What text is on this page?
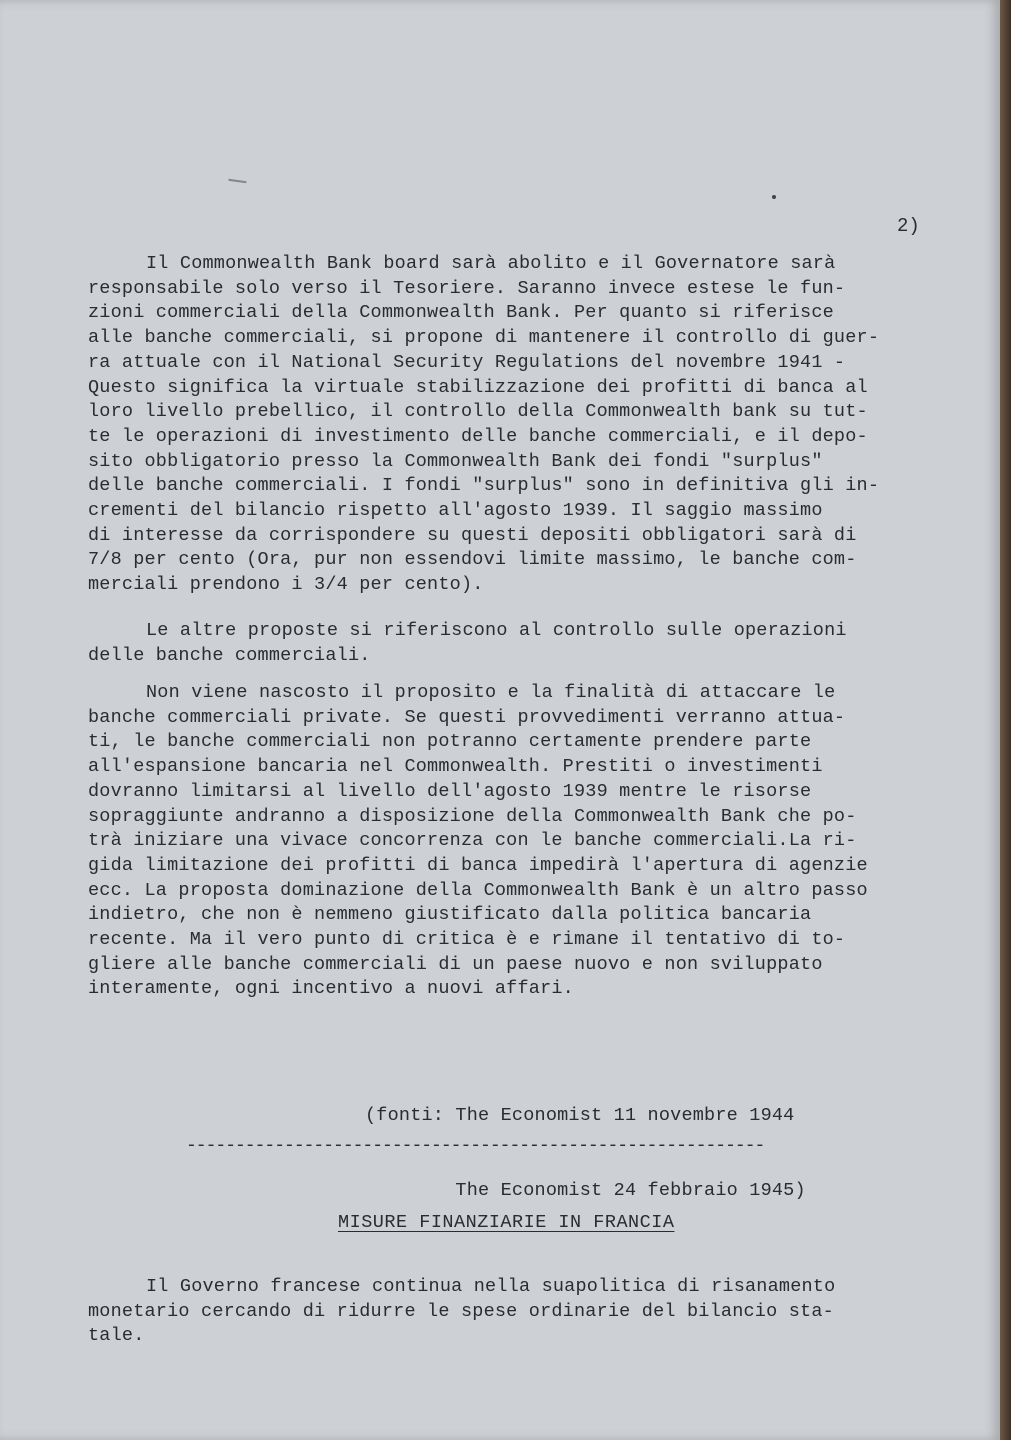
2)
Il Commonwealth Bank board sarà abolito e il Governatore sarà
responsabile solo verso il Tesoriere. Saranno invece estese le fun-
zioni commerciali della Commonwealth Bank. Per quanto si riferisce
alle banche commerciali, si propone di mantenere il controllo di guer-
ra attuale con il National Security Regulations del novembre 1941 -
Questo significa la virtuale stabilizzazione dei profitti di banca al
loro livello prebellico, il controllo della Commonwealth bank su tut-
te le operazioni di investimento delle banche commerciali, e il depo-
sito obbligatorio presso la Commonwealth Bank dei fondi "surplus"
delle banche commerciali. I fondi "surplus" sono in definitiva gli in-
crementi del bilancio rispetto all'agosto 1939. Il saggio massimo
di interesse da corrispondere su questi depositi obbligatori sarà di
7/8 per cento (Ora, pur non essendovi limite massimo, le banche com-
merciali prendono i 3/4 per cento).
Le altre proposte si riferiscono al controllo sulle operazioni
delle banche commerciali.
Non viene nascosto il proposito e la finalità di attaccare le
banche commerciali private. Se questi provvedimenti verranno attua-
ti, le banche commerciali non potranno certamente prendere parte
all'espansione bancaria nel Commonwealth. Prestiti o investimenti
dovranno limitarsi al livello dell'agosto 1939 mentre le risorse
sopraggiunte andranno a disposizione della Commonwealth Bank che po-
trà iniziare una vivace concorrenza con le banche commerciali.La ri-
gida limitazione dei profitti di banca impedirà l'apertura di agenzie
ecc. La proposta dominazione della Commonwealth Bank è un altro passo
indietro, che non è nemmeno giustificato dalla politica bancaria
recente. Ma il vero punto di critica è e rimane il tentativo di to-
gliere alle banche commerciali di un paese nuovo e non sviluppato
interamente, ogni incentivo a nuovi affari.

(fonti: The Economist 11 novembre 1944

The Economist 24 febbraio 1945)

-----------------------------------------------------------
MISURE FINANZIARIE IN FRANCIA
Il Governo francese continua nella suapolitica di risanamento
monetario cercando di ridurre le spese ordinarie del bilancio sta-
tale.
